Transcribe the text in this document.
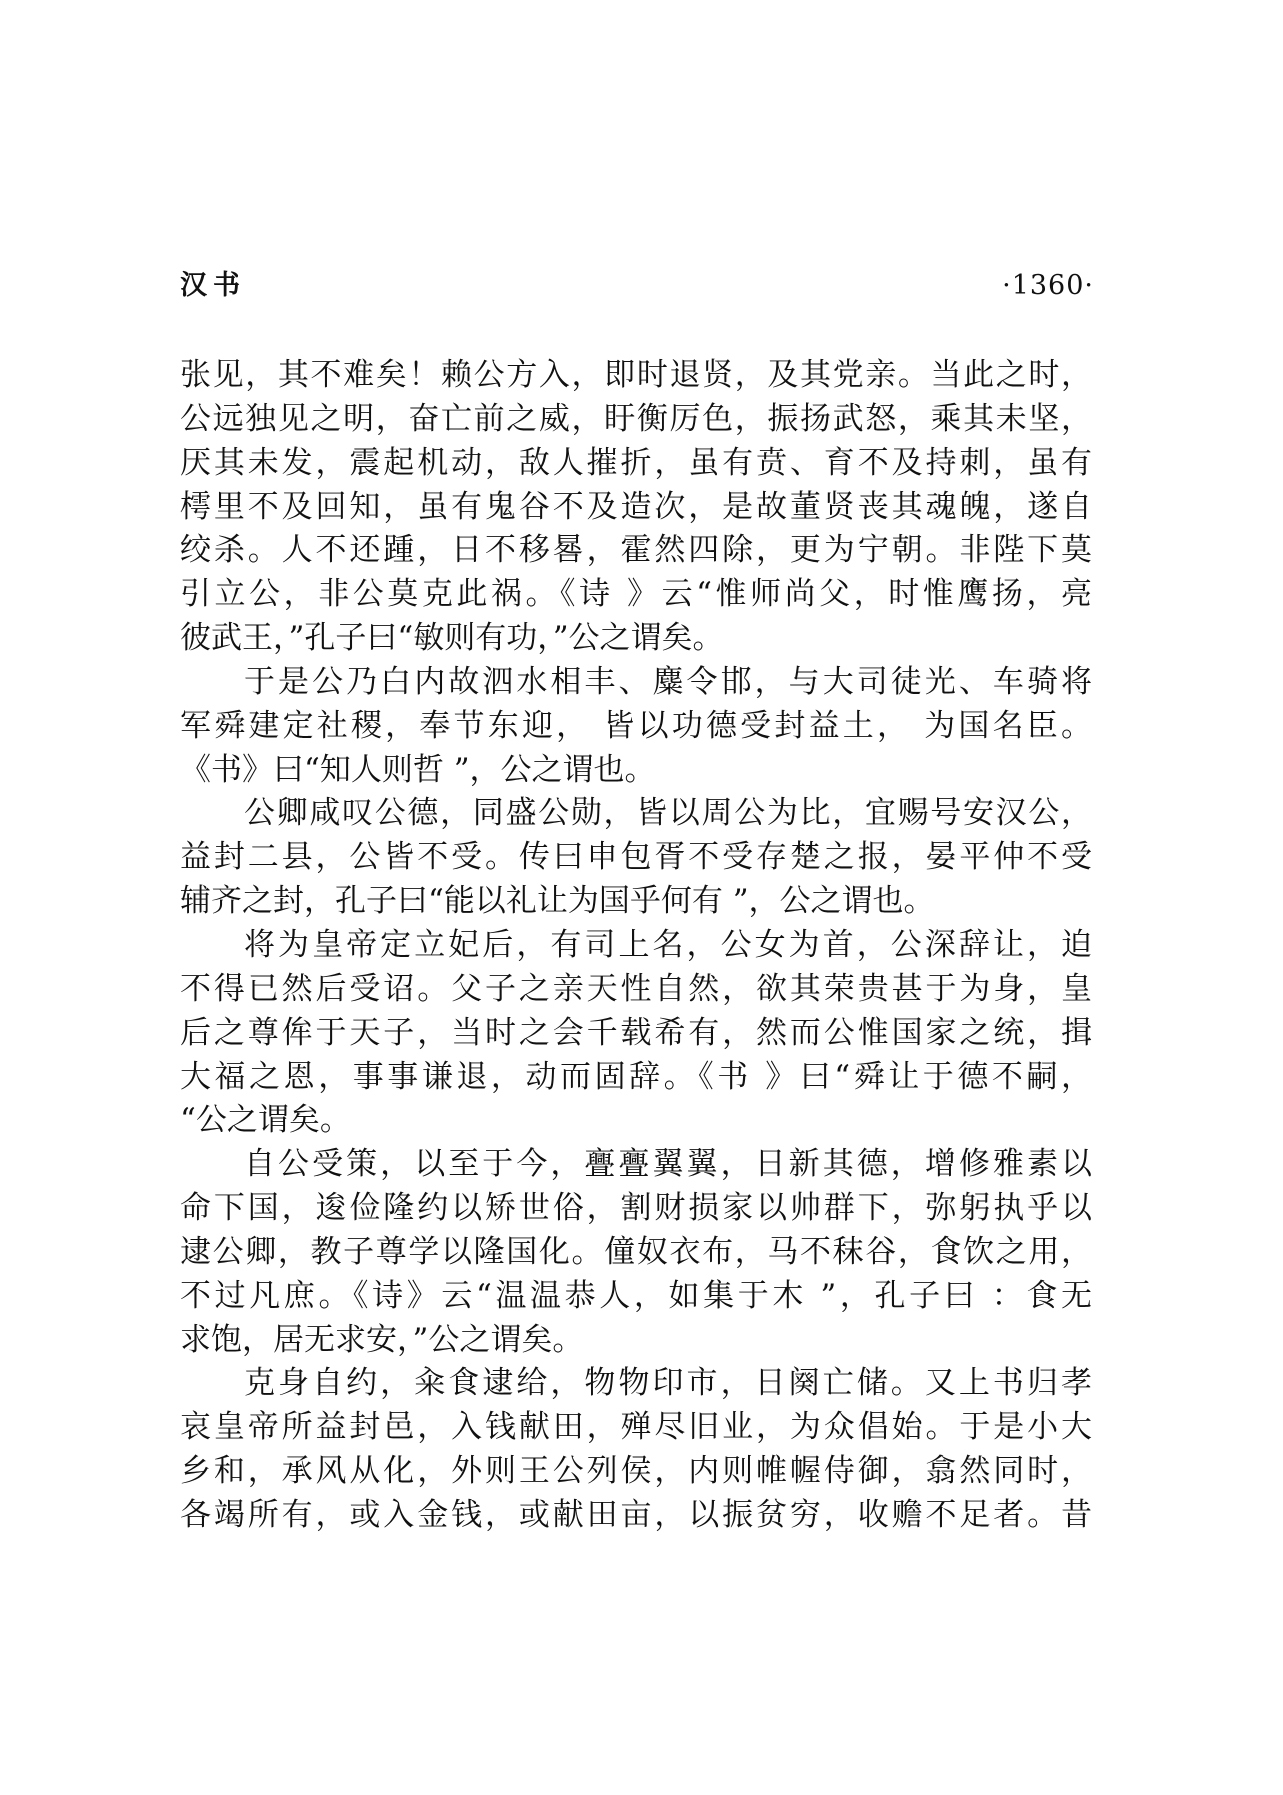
汉书	·1360·
张见，其不难矣！赖公方入，即时退贤，及其党亲。当此之时，
公远独见之明，奋亡前之威，盱衡厉色，振扬武怒，乘其未坚，
厌其未发，震起机动，敌人摧折，虽有贲、育不及持刺，虽有
樗里不及回知，虽有鬼谷不及造次，是故董贤丧其魂魄，遂自
绞杀。人不还踵，日不移晷，霍然四除，更为宁朝。非陛下莫
引立公，非公莫克此祸。《诗 》云“惟师尚父，时惟鹰扬，亮
彼武王，”孔子曰“敏则有功，”公之谓矣。
于是公乃白内故泗水相丰、麋令邯，与大司徒光、车骑将
军舜建定社稷，奉节东迎， 皆以功德受封益土， 为国名臣。
《书》曰“知人则哲 ”，公之谓也。
公卿咸叹公德，同盛公勋，皆以周公为比，宜赐号安汉公，
益封二县，公皆不受。传曰申包胥不受存楚之报，晏平仲不受
辅齐之封，孔子曰“能以礼让为国乎何有 ”，公之谓也。
将为皇帝定立妃后，有司上名，公女为首，公深辞让，迫
不得已然后受诏。父子之亲天性自然，欲其荣贵甚于为身，皇
后之尊侔于天子，当时之会千载希有，然而公惟国家之统，揖
大福之恩，事事谦退，动而固辞。《书 》曰“舜让于德不嗣，
“公之谓矣。
自公受策，以至于今，亹亹翼翼，日新其德，增修雅素以
命下国，逡俭隆约以矫世俗，割财损家以帅群下，弥躬执乎以
逮公卿，教子尊学以隆国化。僮奴衣布，马不秣谷，食饮之用，
不过凡庶。《诗》云“温温恭人，如集于木 ”，孔子曰 ：食无
求饱，居无求安，”公之谓矣。
克身自约，籴食逮给，物物印市，日阕亡储。又上书归孝
哀皇帝所益封邑，入钱献田，殚尽旧业，为众倡始。于是小大
乡和，承风从化，外则王公列侯，内则帷幄侍御，翕然同时，
各竭所有，或入金钱，或献田亩，以振贫穷，收赡不足者。昔
